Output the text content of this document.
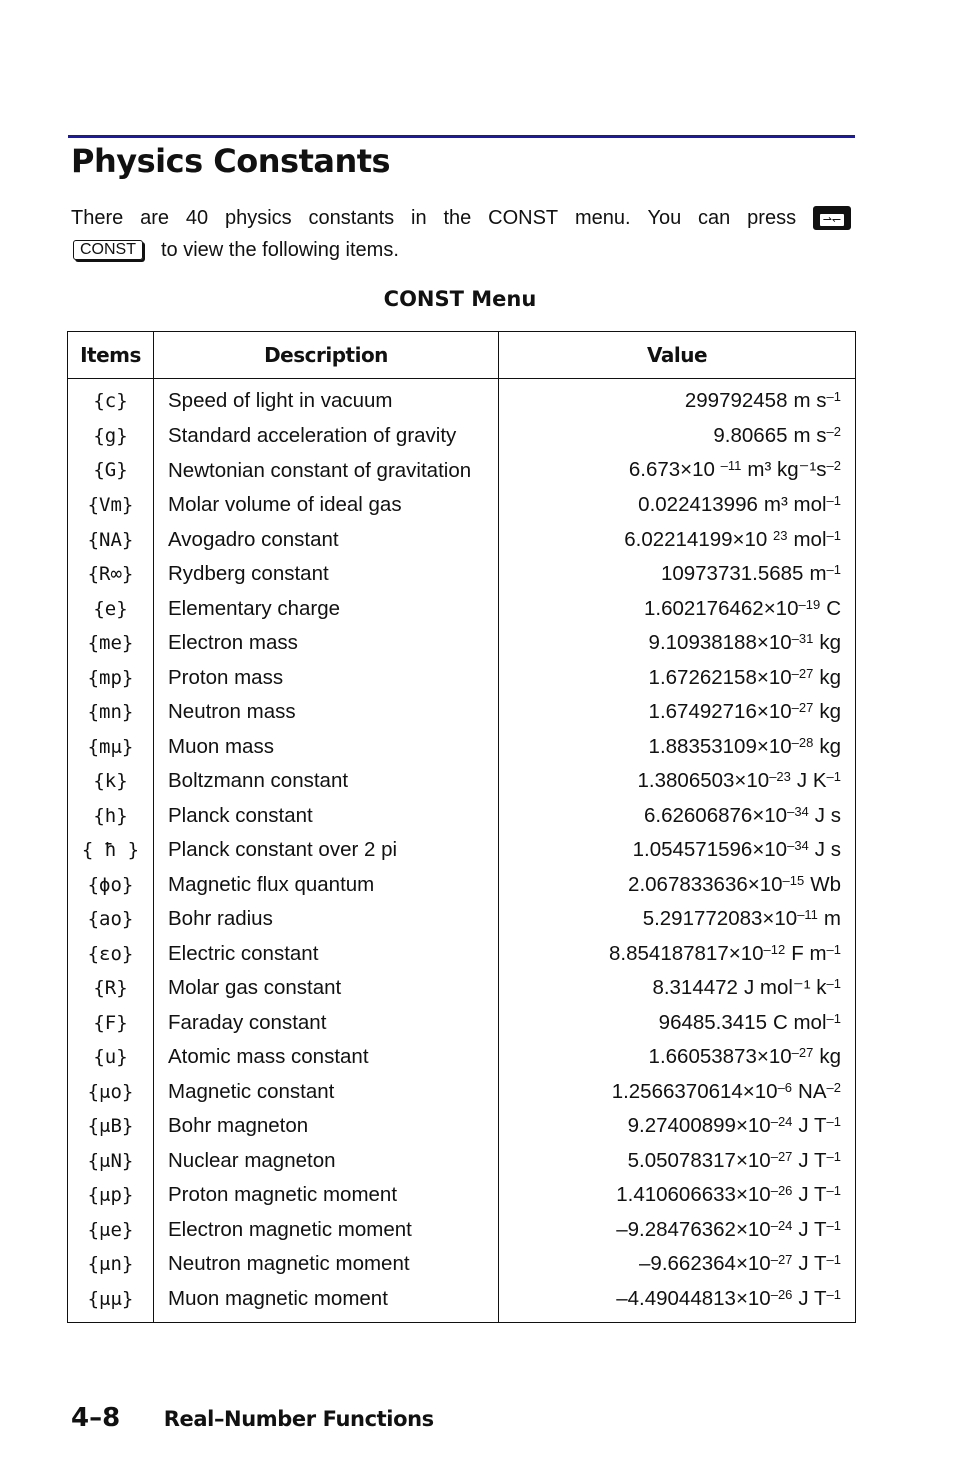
Physics Constants
There are 40 physics constants in the CONST menu. You can press	⇀↽
CONST	to view the following items.
CONST Menu
Items	Description	Value
{c}	Speed of light in vacuum	299792458 m $s^{-1}$
{g}	Standard acceleration of gravity	9.80665 m $s^{-2}$
{G}	Newtonian constant of gravitation	6.673×10 $^{-11}$ m³ $kg^{-1}s^{-2}$
{Vm}	Molar volume of ideal gas	0.022413996 m³ mol$^{-1}$
{NA}	Avogadro constant	6.02214199×10 $^{23}$ mol$^{-1}$
{R∞}	Rydberg constant	10973731.5685 $m^{-1}$
{e}	Elementary charge	$1.602176462\times 10^{-19}$ C
{me}	Electron mass	$9.10938188\times 10^{-31}$ kg
{mp}	Proton mass	$1.67262158\times 10^{-27}$ kg
{mn}	Neutron mass	$1.67492716\times 10^{-27}$ kg
{mμ}	Muon mass	$1.88353109\times 10^{-28}$ kg
{k}	Boltzmann constant	$1.3806503\times 10^{-23}$ J $K^{-1}$
{h}	Planck constant	$6.62606876\times 10^{-34}$ J s
{ ħ }	Planck constant over 2 pi	$1.054571596\times 10^{-34}$ J s
{ϕo}	Magnetic flux quantum	$2.067833636\times 10^{-15}$ Wb
{ao}	Bohr radius	$5.291772083\times 10^{-11}$ m
{εo}	Electric constant	$8.854187817\times 10^{-12}$ F $m^{-1}$
{R}	Molar gas constant	8.314472 J mol⁻¹ $k^{-1}$
{F}	Faraday constant	96485.3415 C mol$^{-1}$
{u}	Atomic mass constant	$1.66053873\times 10^{-27}$ kg
{μo}	Magnetic constant	$1.2566370614\times 10^{-6}$ $NA^{-2}$
{μB}	Bohr magneton	$9.27400899\times 10^{-24}$ J $T^{-1}$
{μN}	Nuclear magneton	$5.05078317\times 10^{-27}$ J $T^{-1}$
{μp}	Proton magnetic moment	$1.410606633\times 10^{-26}$ J $T^{-1}$
{μe}	Electron magnetic moment	$-9.28476362\times 10^{-24}$ J $T^{-1}$
{μn}	Neutron magnetic moment	$-9.662364\times 10^{-27}$ J $T^{-1}$
{μμ}	Muon magnetic moment	$-4.49044813\times 10^{-26}$ J $T^{-1}$
4–8 Real–Number Functions
